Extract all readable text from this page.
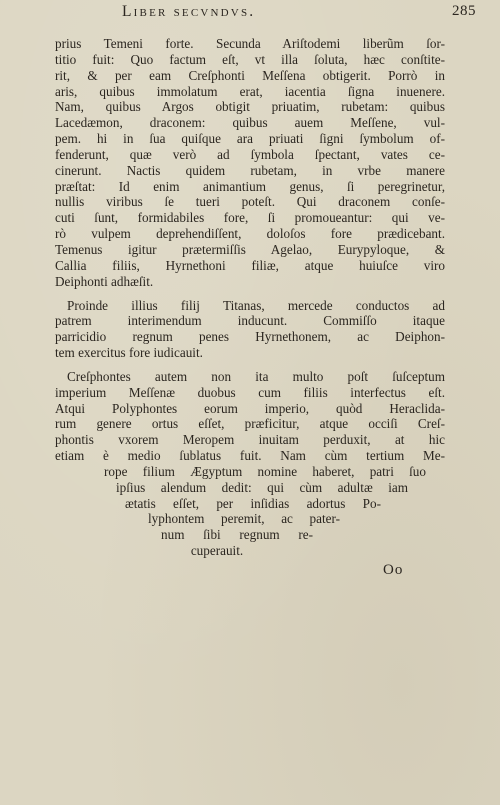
Liber secvndvs.	285
prius Temeni forte. Secunda Ariſtodemi liberũm ſor-
titio fuit: Quo factum eſt, vt illa ſoluta, hæc conſtite-
rit, & per eam Creſphonti Meſſena obtigerit. Porrò in
aris, quibus immolatum erat, iacentia ſigna inuenere.
Nam, quibus Argos obtigit priuatim, rubetam: quibus
Lacedæmon, draconem: quibus auem Meſſene, vul-
pem. hi in ſua quiſque ara priuati ſigni ſymbolum of-
fenderunt, quæ verò ad ſymbola ſpectant, vates ce-
cinerunt. Nactis quidem rubetam, in vrbe manere
præſtat: Id enim animantium genus, ſi peregrinetur,
nullis viribus ſe tueri poteſt. Qui draconem conſe-
cuti ſunt, formidabiles fore, ſi promoueantur: qui ve-
rò vulpem deprehendiſſent, doloſos fore prædicebant.
Temenus igitur prætermiſſis Agelao, Eurypyloque, &
Callia filiis, Hyrnethoni filiæ, atque huiuſce viro
Deiphonti adhæſit.
Proinde illius filij Titanas, mercede conductos ad
patrem interimendum inducunt. Commiſſo itaque
parricidio regnum penes Hyrnethonem, ac Deiphon-
tem exercitus fore iudicauit.
Creſphontes autem non ita multo poſt ſuſceptum
imperium Meſſenæ duobus cum filiis interfectus eſt.
Atqui Polyphontes eorum imperio, quòd Heraclida-
rum genere ortus eſſet, præficitur, atque occiſi Creſ-
phontis vxorem Meropem inuitam perduxit, at hic
etiam è medio ſublatus fuit. Nam cùm tertium Me-
rope filium Ægyptum nomine haberet, patri ſuo
ipſius alendum dedit: qui cùm adultæ iam
ætatis eſſet, per inſidias adortus Po-
lyphontem peremit, ac pater-
num ſibi regnum re-
cuperauit.
Oo
